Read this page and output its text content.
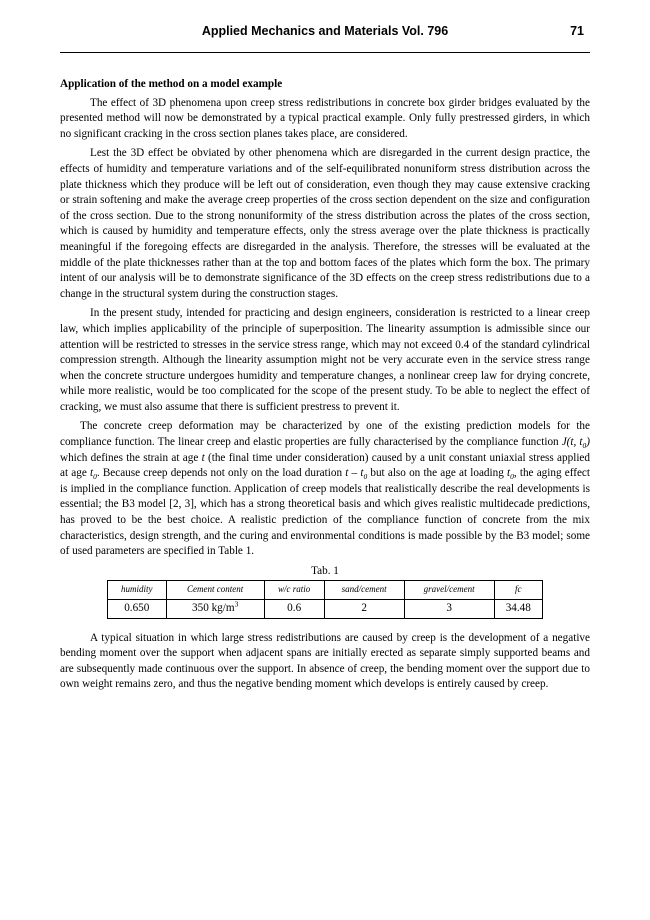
Applied Mechanics and Materials Vol. 796	71
Application of the method on a model example

The effect of 3D phenomena upon creep stress redistributions in concrete box girder bridges evaluated by the presented method will now be demonstrated by a typical practical example. Only fully prestressed girders, in which no significant cracking in the cross section planes takes place, are considered.

Lest the 3D effect be obviated by other phenomena which are disregarded in the current design practice, the effects of humidity and temperature variations and of the self-equilibrated nonuniform stress distribution across the plate thickness which they produce will be left out of consideration, even though they may cause extensive cracking or strain softening and make the average creep properties of the cross section dependent on the size and configuration of the cross section. Due to the strong nonuniformity of the stress distribution across the plates of the cross section, which is caused by humidity and temperature effects, only the stress average over the plate thickness is practically meaningful if the foregoing effects are disregarded in the analysis. Therefore, the stresses will be evaluated at the middle of the plate thicknesses rather than at the top and bottom faces of the plates which form the box. The primary intent of our analysis will be to demonstrate significance of the 3D effects on the creep stress redistributions due to a change in the structural system during the construction stages.

In the present study, intended for practicing and design engineers, consideration is restricted to a linear creep law, which implies applicability of the principle of superposition. The linearity assumption is admissible since our attention will be restricted to stresses in the service stress range, which may not exceed 0.4 of the standard cylindrical compression strength. Although the linearity assumption might not be very accurate even in the service stress range when the concrete structure undergoes humidity and temperature changes, a nonlinear creep law for drying concrete, while more realistic, would be too complicated for the scope of the present study. To be able to neglect the effect of cracking, we must also assume that there is sufficient prestress to prevent it.

The concrete creep deformation may be characterized by one of the existing prediction models for the compliance function. The linear creep and elastic properties are fully characterised by the compliance function J(t, $t_0$) which defines the strain at age t (the final time under consideration) caused by a unit constant uniaxial stress applied at age $t_0$. Because creep depends not only on the load duration t – $t_0$ but also on the age at loading $t_0$, the aging effect is implied in the compliance function. Application of creep models that realistically describe the real developments is essential; the B3 model [2, 3], which has a strong theoretical basis and which gives realistic multidecade predictions, has proved to be the best choice. A realistic prediction of the compliance function of concrete from the mix characteristics, design strength, and the curing and environmental conditions is made possible by the B3 model; some of used parameters are specified in Table 1.

Tab. 1
humidity	Cement content	w/c ratio	sand/cement	gravel/cement	fc
0.650	350 $kg/m^3$	0.6	2	3	34.48

A typical situation in which large stress redistributions are caused by creep is the development of a negative bending moment over the support when adjacent spans are initially erected as separate simply supported beams and are subsequently made continuous over the support. In absence of creep, the bending moment over the support due to own weight remains zero, and thus the negative bending moment which develops is entirely caused by creep.
